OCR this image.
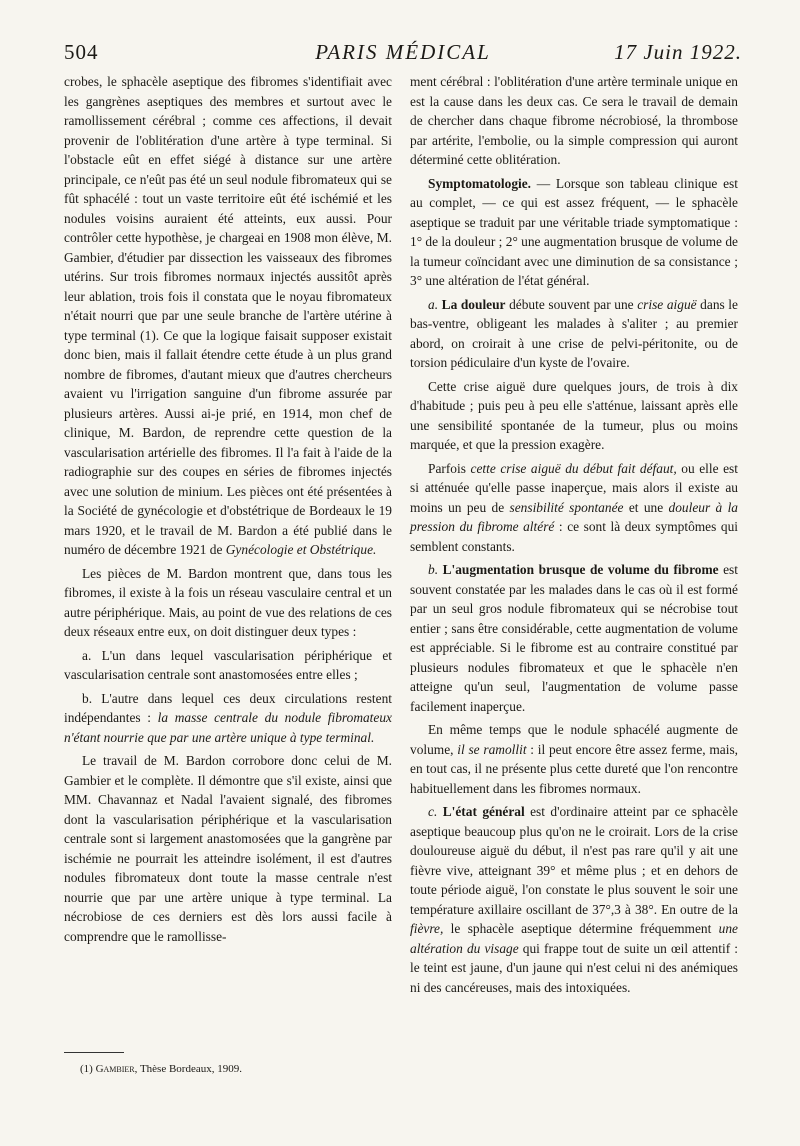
504	PARIS MÉDICAL	17 Juin 1922.

crobes, le sphacèle aseptique des fibromes s'identifiait avec les gangrènes aseptiques des membres et surtout avec le ramollissement cérébral ; comme ces affections, il devait provenir de l'oblitération d'une artère à type terminal. Si l'obstacle eût en effet siégé à distance sur une artère principale, ce n'eût pas été un seul nodule fibromateux qui se fût sphacélé : tout un vaste territoire eût été ischémié et les nodules voisins auraient été atteints, eux aussi. Pour contrôler cette hypothèse, je chargeai en 1908 mon élève, M. Gambier, d'étudier par dissection les vaisseaux des fibromes utérins. Sur trois fibromes normaux injectés aussitôt après leur ablation, trois fois il constata que le noyau fibromateux n'était nourri que par une seule branche de l'artère utérine à type terminal (1). Ce que la logique faisait supposer existait donc bien, mais il fallait étendre cette étude à un plus grand nombre de fibromes, d'autant mieux que d'autres chercheurs avaient vu l'irrigation sanguine d'un fibrome assurée par plusieurs artères. Aussi ai-je prié, en 1914, mon chef de clinique, M. Bardon, de reprendre cette question de la vascularisation artérielle des fibromes. Il l'a fait à l'aide de la radiographie sur des coupes en séries de fibromes injectés avec une solution de minium. Les pièces ont été présentées à la Société de gynécologie et d'obstétrique de Bordeaux le 19 mars 1920, et le travail de M. Bardon a été publié dans le numéro de décembre 1921 de Gynécologie et Obstétrique.

Les pièces de M. Bardon montrent que, dans tous les fibromes, il existe à la fois un réseau vasculaire central et un autre périphérique. Mais, au point de vue des relations de ces deux réseaux entre eux, on doit distinguer deux types :

a. L'un dans lequel vascularisation périphérique et vascularisation centrale sont anastomosées entre elles ;

b. L'autre dans lequel ces deux circulations restent indépendantes : la masse centrale du nodule fibromateux n'étant nourrie que par une artère unique à type terminal.

Le travail de M. Bardon corrobore donc celui de M. Gambier et le complète. Il démontre que s'il existe, ainsi que MM. Chavannaz et Nadal l'avaient signalé, des fibromes dont la vascularisation périphérique et la vascularisation centrale sont si largement anastomosées que la gangrène par ischémie ne pourrait les atteindre isolément, il est d'autres nodules fibromateux dont toute la masse centrale n'est nourrie que par une artère unique à type terminal. La nécrobiose de ces derniers est dès lors aussi facile à comprendre que le ramollisse-

(1) Gambier, Thèse Bordeaux, 1909.

ment cérébral : l'oblitération d'une artère terminale unique en est la cause dans les deux cas. Ce sera le travail de demain de chercher dans chaque fibrome nécrobiosé, la thrombose par artérite, l'embolie, ou la simple compression qui auront déterminé cette oblitération.

Symptomatologie. — Lorsque son tableau clinique est au complet, — ce qui est assez fréquent, — le sphacèle aseptique se traduit par une véritable triade symptomatique : 1° de la douleur ; 2° une augmentation brusque de volume de la tumeur coïncidant avec une diminution de sa consistance ; 3° une altération de l'état général.

a. La douleur débute souvent par une crise aiguë dans le bas-ventre, obligeant les malades à s'aliter ; au premier abord, on croirait à une crise de pelvi-péritonite, ou de torsion pédiculaire d'un kyste de l'ovaire.

Cette crise aiguë dure quelques jours, de trois à dix d'habitude ; puis peu à peu elle s'atténue, laissant après elle une sensibilité spontanée de la tumeur, plus ou moins marquée, et que la pression exagère.

Parfois cette crise aiguë du début fait défaut, ou elle est si atténuée qu'elle passe inaperçue, mais alors il existe au moins un peu de sensibilité spontanée et une douleur à la pression du fibrome altéré : ce sont là deux symptômes qui semblent constants.

b. L'augmentation brusque de volume du fibrome est souvent constatée par les malades dans le cas où il est formé par un seul gros nodule fibromateux qui se nécrobise tout entier ; sans être considérable, cette augmentation de volume est appréciable. Si le fibrome est au contraire constitué par plusieurs nodules fibromateux et que le sphacèle n'en atteigne qu'un seul, l'augmentation de volume passe facilement inaperçue.

En même temps que le nodule sphacélé augmente de volume, il se ramollit : il peut encore être assez ferme, mais, en tout cas, il ne présente plus cette dureté que l'on rencontre habituellement dans les fibromes normaux.

c. L'état général est d'ordinaire atteint par ce sphacèle aseptique beaucoup plus qu'on ne le croirait. Lors de la crise douloureuse aiguë du début, il n'est pas rare qu'il y ait une fièvre vive, atteignant 39° et même plus ; et en dehors de toute période aiguë, l'on constate le plus souvent le soir une température axillaire oscillant de 37°,3 à 38°. En outre de la fièvre, le sphacèle aseptique détermine fréquemment une altération du visage qui frappe tout de suite un œil attentif : le teint est jaune, d'un jaune qui n'est celui ni des anémiques ni des cancéreuses, mais des intoxiquées.
